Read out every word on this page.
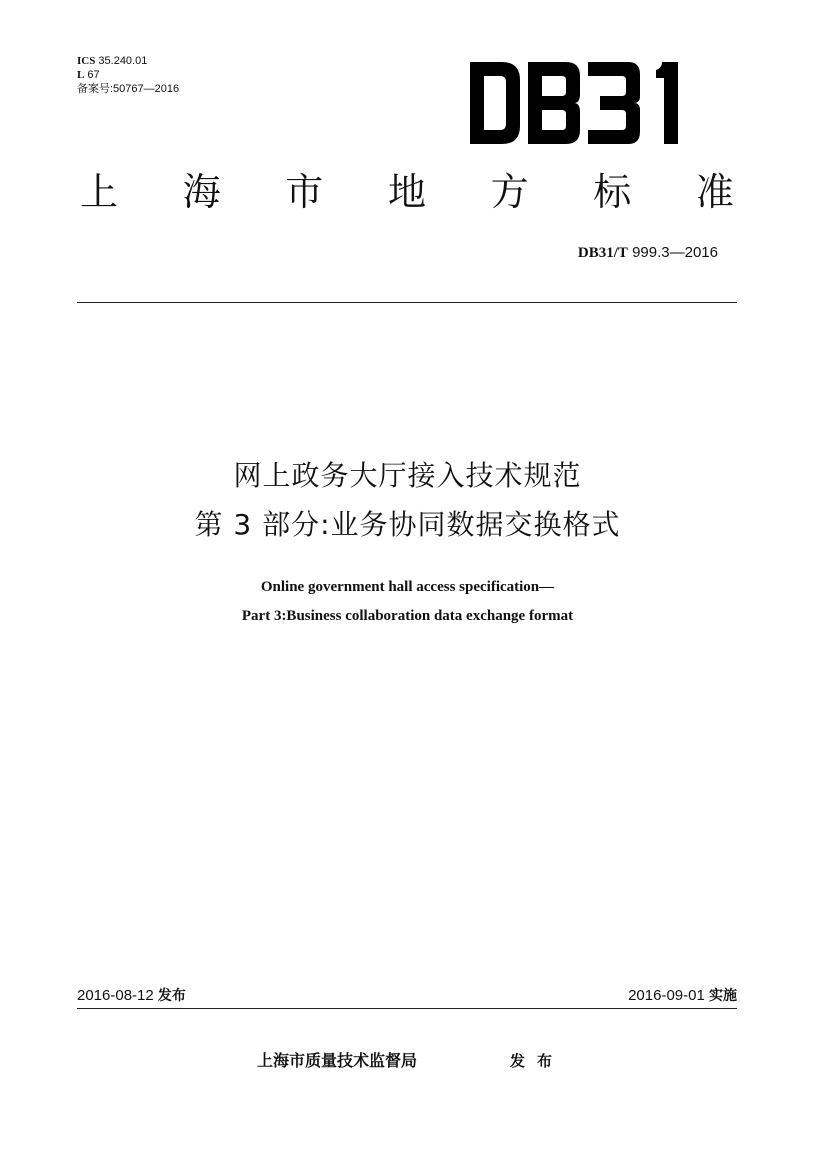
ICS 35.240.01
L 67
备案号:50767—2016
上 海 市 地 方 标 准
DB31/T 999.3—2016
网上政务大厅接入技术规范
第 3 部分:业务协同数据交换格式
Online government hall access specification—
Part 3:Business collaboration data exchange format
2016-08-12 发布	2016-09-01 实施
上海市质量技术监督局	发布
